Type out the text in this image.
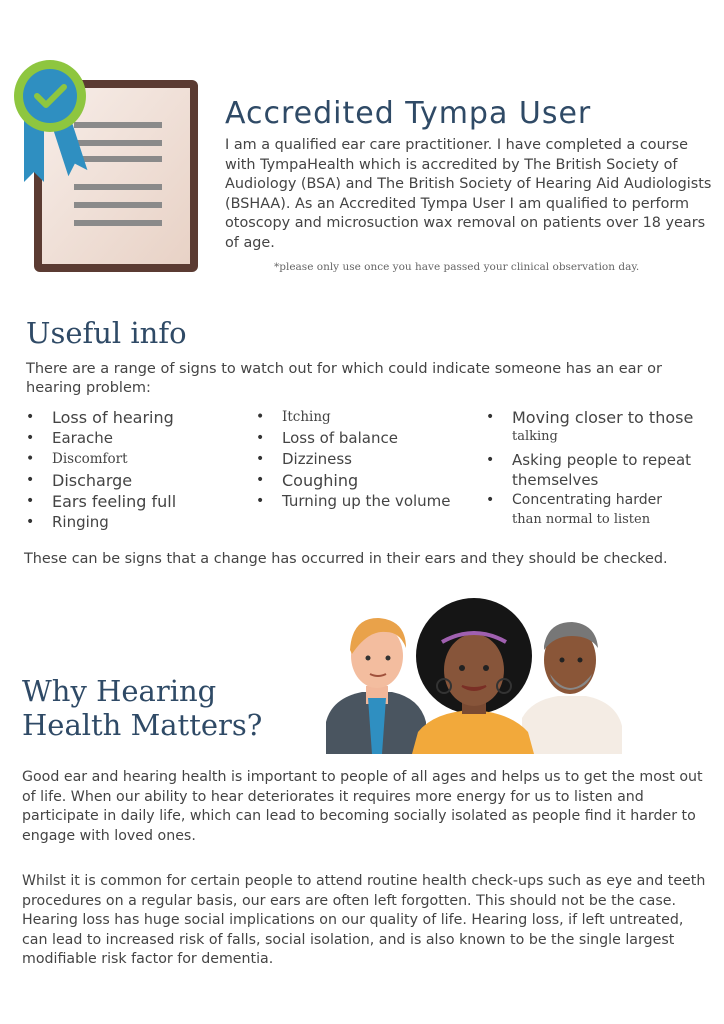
Accredited Tympa User
I am a qualified ear care practitioner. I have completed a course with TympaHealth which is accredited by The British Society of Audiology (BSA) and The British Society of Hearing Aid Audiologists (BSHAA). As an Accredited Tympa User I am qualified to perform otoscopy and microsuction wax removal on patients over 18 years of age.
*please only use once you have passed your clinical observation day.
Useful info
There are a range of signs to watch out for which could indicate someone has an ear or hearing problem:
• Loss of hearing
• Earache
• Discomfort
• Discharge
• Ears feeling full
• Ringing
• Itching
• Loss of balance
• Dizziness
• Coughing
• Turning up the volume
• Moving closer to those
talking
• Asking people to repeat
themselves
• Concentrating harder
than normal to listen
These can be signs that a change has occurred in their ears and they should be checked.
Why Hearing
Health Matters?
Good ear and hearing health is important to people of all ages and helps us to get the most out of life. When our ability to hear deteriorates it requires more energy for us to listen and participate in daily life, which can lead to becoming socially isolated as people find it harder to engage with loved ones.
Whilst it is common for certain people to attend routine health check-ups such as eye and teeth procedures on a regular basis, our ears are often left forgotten. This should not be the case. Hearing loss has huge social implications on our quality of life. Hearing loss, if left untreated, can lead to increased risk of falls, social isolation, and is also known to be the single largest modifiable risk factor for dementia.
